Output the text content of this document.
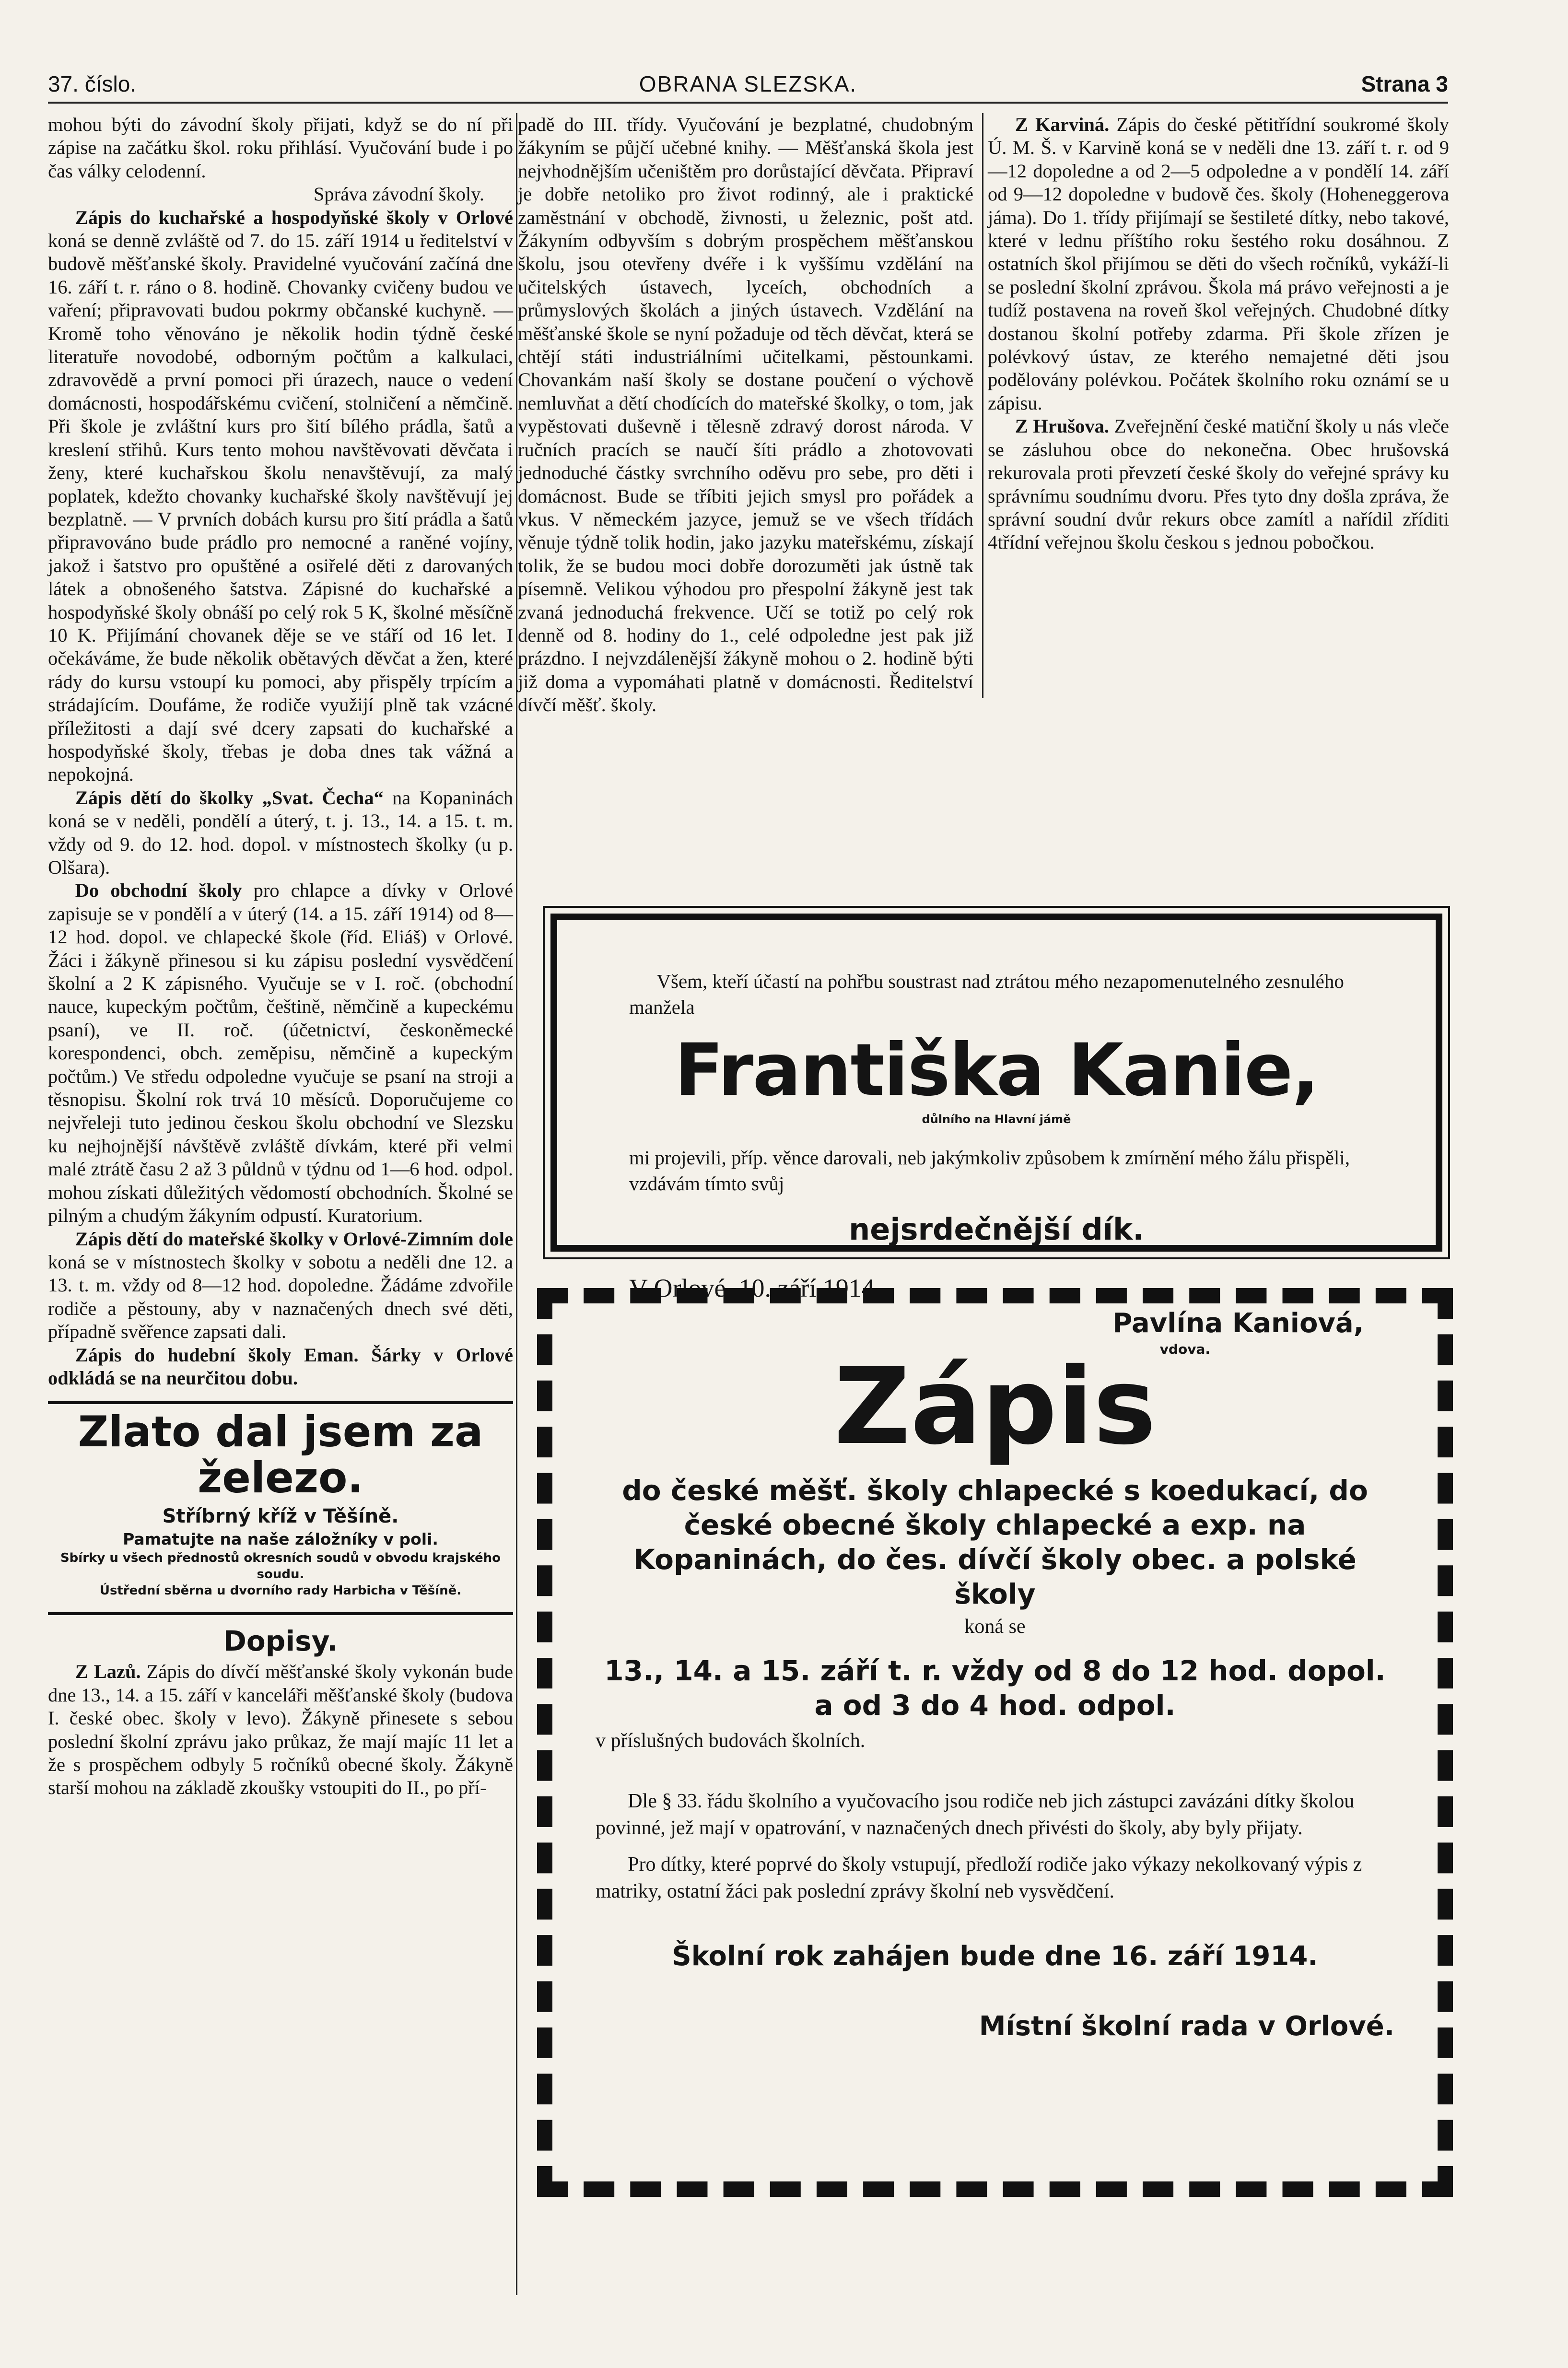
37. číslo.	OBRANA SLEZSKA.	Strana 3

mohou býti do závodní školy přijati, když se do ní při zápise na začátku škol. roku přihlásí. Vyučování bude i po čas války celodenní.

Správa závodní školy.

Zápis do kuchařské a hospodyňské školy v Orlové koná se denně zvláště od 7. do 15. září 1914 u ředitelství v budově měšťanské školy. Pravidelné vyučování začíná dne 16. září t. r. ráno o 8. hodině. Chovanky cvičeny budou ve vaření; připravovati budou pokrmy občanské kuchyně. — Kromě toho věnováno je několik hodin týdně české literatuře novodobé, odborným počtům a kalkulaci, zdravovědě a první pomoci při úrazech, nauce o vedení domácnosti, hospodářskému cvičení, stolničení a němčině. Při škole je zvláštní kurs pro šití bílého prádla, šatů a kreslení střihů. Kurs tento mohou navštěvovati děvčata i ženy, které kuchařskou školu nenavštěvují, za malý poplatek, kdežto chovanky kuchařské školy navštěvují jej bezplatně. — V prvních dobách kursu pro šití prádla a šatů připravováno bude prádlo pro nemocné a raněné vojíny, jakož i šatstvo pro opuštěné a osiřelé děti z darovaných látek a obnošeného šatstva. Zápisné do kuchařské a hospodyňské školy obnáší po celý rok 5 K, školné měsíčně 10 K. Přijímání chovanek děje se ve stáří od 16 let. I očekáváme, že bude několik obětavých děvčat a žen, které rády do kursu vstoupí ku pomoci, aby přispěly trpícím a strádajícím. Doufáme, že rodiče využijí plně tak vzácné příležitosti a dají své dcery zapsati do kuchařské a hospodyňské školy, třebas je doba dnes tak vážná a nepokojná.

Zápis dětí do školky „Svat. Čecha“ na Kopaninách koná se v neděli, pondělí a úterý, t. j. 13., 14. a 15. t. m. vždy od 9. do 12. hod. dopol. v místnostech školky (u p. Olšara).

Do obchodní školy pro chlapce a dívky v Orlové zapisuje se v pondělí a v úterý (14. a 15. září 1914) od 8—12 hod. dopol. ve chlapecké škole (říd. Eliáš) v Orlové. Žáci i žákyně přinesou si ku zápisu poslední vysvědčení školní a 2 K zápisného. Vyučuje se v I. roč. (obchodní nauce, kupeckým počtům, češtině, němčině a kupeckému psaní), ve II. roč. (účetnictví, českoněmecké korespondenci, obch. zeměpisu, němčině a kupeckým počtům.) Ve středu odpoledne vyučuje se psaní na stroji a těsnopisu. Školní rok trvá 10 měsíců. Doporučujeme co nejvřeleji tuto jedinou českou školu obchodní ve Slezsku ku nejhojnější návštěvě zvláště dívkám, které při velmi malé ztrátě času 2 až 3 půldnů v týdnu od 1—6 hod. odpol. mohou získati důležitých vědomostí obchodních. Školné se pilným a chudým žákyním odpustí. Kuratorium.

Zápis dětí do mateřské školky v Orlové-Zimním dole koná se v místnostech školky v sobotu a neděli dne 12. a 13. t. m. vždy od 8—12 hod. dopoledne. Žádáme zdvořile rodiče a pěstouny, aby v naznačených dnech své děti, případně svěřence zapsati dali.

Zápis do hudební školy Eman. Šárky v Orlové odkládá se na neurčitou dobu.

Zlato dal jsem za železo.
Stříbrný kříž v Těšíně.
Pamatujte na naše záložníky v poli.
Sbírky u všech přednostů okresních soudů v obvodu krajského soudu.
Ústřední sběrna u dvorního rady Harbicha v Těšíně.
Dopisy.

Z Lazů. Zápis do dívčí měšťanské školy vykonán bude dne 13., 14. a 15. září v kanceláři měšťanské školy (budova I. české obec. školy v levo). Žákyně přinesete s sebou poslední školní zprávu jako průkaz, že mají majíc 11 let a že s prospěchem odbyly 5 ročníků obecné školy. Žákyně starší mohou na základě zkoušky vstoupiti do II., po pří-

padě do III. třídy. Vyučování je bezplatné, chudobným žákyním se půjčí učebné knihy. — Měšťanská škola jest nejvhodnějším učeništěm pro dorůstající děvčata. Připraví je dobře netoliko pro život rodinný, ale i praktické zaměstnání v obchodě, živnosti, u železnic, pošt atd. Žákyním odbyvším s dobrým prospěchem měšťanskou školu, jsou otevřeny dvéře i k vyššímu vzdělání na učitelských ústavech, lyceích, obchodních a průmyslových školách a jiných ústavech. Vzdělání na měšťanské škole se nyní požaduje od těch děvčat, která se chtějí státi industriálními učitelkami, pěstounkami. Chovankám naší školy se dostane poučení o výchově nemluvňat a dětí chodících do mateřské školky, o tom, jak vypěstovati duševně i tělesně zdravý dorost národa. V ručních pracích se naučí šíti prádlo a zhotovovati jednoduché částky svrchního oděvu pro sebe, pro děti i domácnost. Bude se tříbiti jejich smysl pro pořádek a vkus. V německém jazyce, jemuž se ve všech třídách věnuje týdně tolik hodin, jako jazyku mateřskému, získají tolik, že se budou moci dobře dorozuměti jak ústně tak písemně. Velikou výhodou pro přespolní žákyně jest tak zvaná jednoduchá frekvence. Učí se totiž po celý rok denně od 8. hodiny do 1., celé odpoledne jest pak již prázdno. I nejvzdálenější žákyně mohou o 2. hodině býti již doma a vypomáhati platně v domácnosti. Ředitelství dívčí měšť. školy.

Z Karviná. Zápis do české pětitřídní soukromé školy Ú. M. Š. v Karvině koná se v neděli dne 13. září t. r. od 9—12 dopoledne a od 2—5 odpoledne a v pondělí 14. září od 9—12 dopoledne v budově čes. školy (Hoheneggerova jáma). Do 1. třídy přijímají se šestileté dítky, nebo takové, které v lednu příštího roku šestého roku dosáhnou. Z ostatních škol přijímou se děti do všech ročníků, vykáží-li se poslední školní zprávou. Škola má právo veřejnosti a je tudíž postavena na roveň škol veřejných. Chudobné dítky dostanou školní potřeby zdarma. Při škole zřízen je polévkový ústav, ze kterého nemajetné děti jsou podělovány polévkou. Počátek školního roku oznámí se u zápisu.

Z Hrušova. Zveřejnění české matiční školy u nás vleče se zásluhou obce do nekonečna. Obec hrušovská rekurovala proti převzetí české školy do veřejné správy ku správnímu soudnímu dvoru. Přes tyto dny došla zpráva, že správní soudní dvůr rekurs obce zamítl a nařídil zříditi 4třídní veřejnou školu českou s jednou pobočkou.

Všem, kteří účastí na pohřbu soustrast nad ztrátou mého nezapomenutelného zesnulého manžela

Františka Kanie,

důlního na Hlavní jámě

mi projevili, příp. věnce darovali, neb jakýmkoliv způsobem k zmírnění mého žálu přispěli, vzdávám tímto svůj

nejsrdečnější dík.

V Orlové, 10. září 1914.

Pavlína Kaniová,

vdova.

Zápis

do české měšť. školy chlapecké s koedukací, do české obecné školy chlapecké a exp. na Kopaninách, do čes. dívčí školy obec. a polské školy

koná se

13., 14. a 15. září t. r. vždy od 8 do 12 hod. dopol. a od 3 do 4 hod. odpol.

v příslušných budovách školních.

Dle § 33. řádu školního a vyučovacího jsou rodiče neb jich zástupci zavázáni dítky školou povinné, jež mají v opatrování, v naznačených dnech přivésti do školy, aby byly přijaty.

Pro dítky, které poprvé do školy vstupují, předloží rodiče jako výkazy nekolkovaný výpis z matriky, ostatní žáci pak poslední zprávy školní neb vysvědčení.

Školní rok zahájen bude dne 16. září 1914.

Místní školní rada v Orlové.
